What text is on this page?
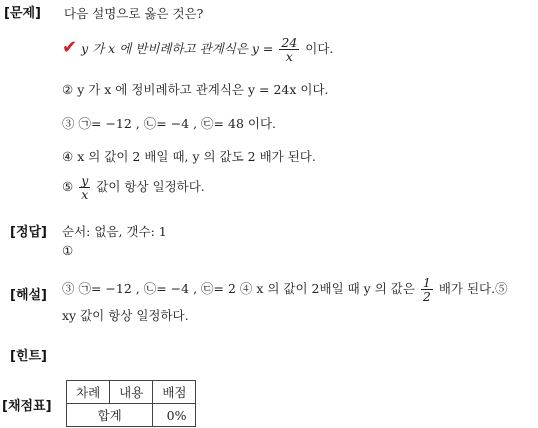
[문제] 다음 설명으로 옳은 것은?
✔ y 가 x 에 반비례하고 관계식은 $y = \frac{24}{x}$ 이다.
② y 가 x 에 정비례하고 관계식은 y = 24x 이다.
③ ㉠= −12 , ㉡= −4 , ㉢= 48 이다.
④ x 의 값이 2 배일 때, y 의 값도 2 배가 된다.
⑤ $\frac{y}{x}$ 값이 항상 일정하다.
[정답] 순서: 없음, 갯수: 1
①
[해설] ③ ㉠= −12 , ㉡= −4 , ㉢= 2 ④ x 의 값이 2배일 때 y 의 값은 $\frac{1}{2}$ 배가 된다.⑤
xy 값이 항상 일정하다.
[힌트]
[채점표]
차례	내용	배점
합계		0%
